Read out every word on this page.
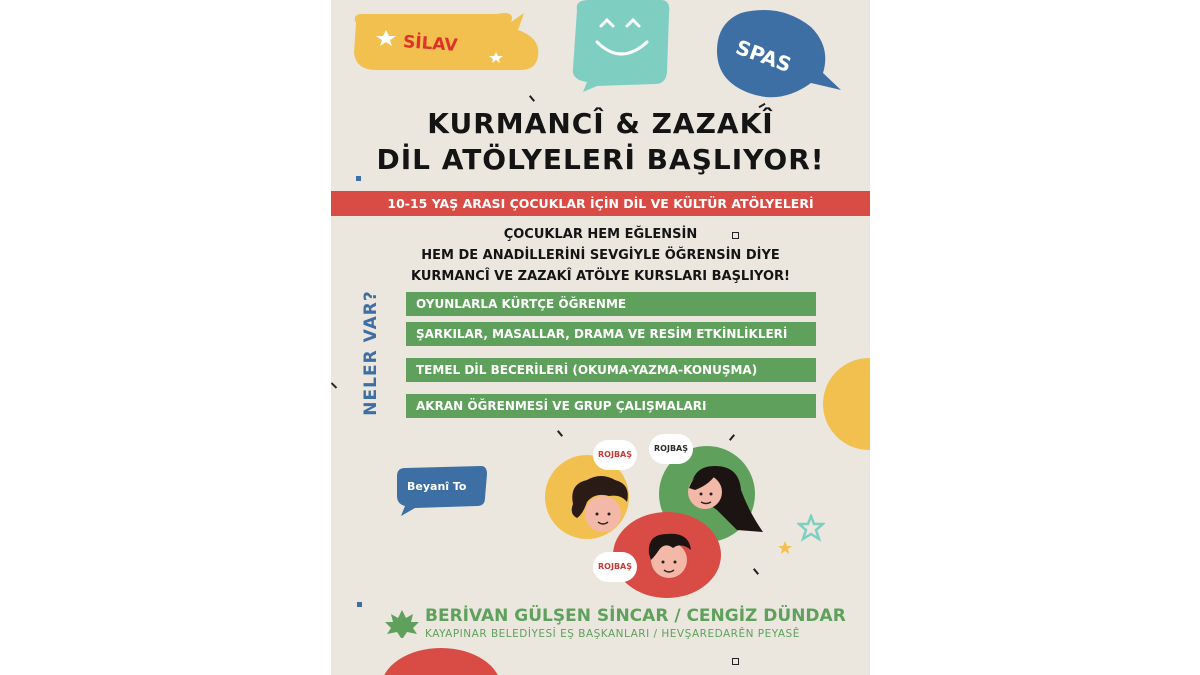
SİLAV	SPAS
KURMANCÎ & ZAZAKÎ
DİL ATÖLYELERİ BAŞLIYOR!
10-15 YAŞ ARASI ÇOCUKLAR İÇİN DİL VE KÜLTÜR ATÖLYELERİ
ÇOCUKLAR HEM EĞLENSİN
HEM DE ANADİLLERİNİ SEVGİYLE ÖĞRENSİN DİYE
KURMANCÎ VE ZAZAKÎ ATÖLYE KURSLARI BAŞLIYOR!
NELER VAR?	OYUNLARLA KÜRTÇE ÖĞRENME
ŞARKILAR, MASALLAR, DRAMA VE RESİM ETKİNLİKLERİ
TEMEL DİL BECERİLERİ (OKUMA-YAZMA-KONUŞMA)
AKRAN ÖĞRENMESİ VE GRUP ÇALIŞMALARI
Beyanî To
ROJBAŞ
ROJBAŞ
ROJBAŞ
BERİVAN GÜLŞEN SİNCAR / CENGİZ DÜNDAR
KAYAPINAR BELEDİYESİ EŞ BAŞKANLARI / HEVŞAREDARÊN PEYASÊ
